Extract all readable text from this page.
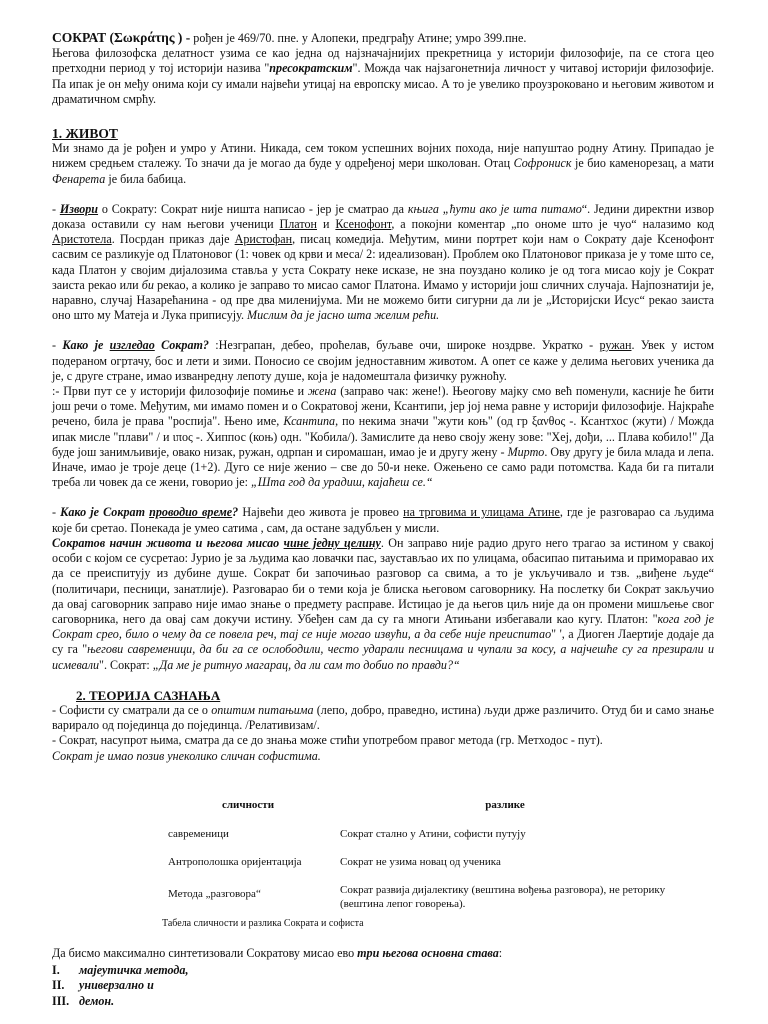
СОКРАТ (Σωκράτης ) - рођен је 469/70. пне. у Алопеки, предграђу Атине; умро 399.пне.
Његова филозофска делатност узима се као једна од најзначајнијих прекретница у историји филозофије, па се стога цео претходни период у тој историји назива "пресократским". Можда чак најзагонетнија личност у читавој историји филозофије. Па ипак је он међу онима који су имали највећи утицај на европску мисао. А то је увелико проузроковано и његовим животом и драматичном смрћу.

1. ЖИВОТ

Ми знамо да је рођен и умро у Атини. Никада, сем током успешних војних похода, није напуштао родну Атину. Припадао је нижем средњем сталежу. То значи да је могао да буде у одређеној мери школован. Отац Софрониск је био каменорезац, а мати Фенарета је била бабица.

- Извори о Сократу: Сократ није ништа написао - јер је сматрао да књига „ћути ако је шта питамо“. Једини директни извор доказа оставили су нам његови ученици Платон и Ксенофонт, а покојни коментар „по ономе што је чуо“ налазимо код Аристотела. Посрдан приказ даје Аристофан, писац комедија. Међутим, мини портрет који нам о Сократу даје Ксенофонт сасвим се разликује од Платоновог (1: човек од крви и меса/ 2: идеализован). Проблем око Платоновог приказа је у томе што се, када Платон у својим дијалозима ставља у уста Сократу неке исказе, не зна поуздано колико је од тога мисао коју је Сократ заиста рекао или би рекао, а колико је заправо то мисао самог Платона. Имамо у историји још сличних случаја. Најпознатији је, наравно, случај Назарећанина - од пре два миленијума. Ми не можемо бити сигурни да ли је „Историјски Исус“ рекао заиста оно што му Матеја и Лука приписују. Мислим да је јасно шта желим рећи.

- Како је изгледао Сократ? :Незграпан, дебео, проћелав, буљаве очи, широке ноздрве. Укратко - ружан. Увек у истом подераном огртачу, бос и лети и зими. Поносио се својим једноставним животом. А опет се каже у делима његових ученика да је, с друге стране, имао изванредну лепоту душе, која је надомештала физичку ружноћу.

:- Први пут се у историји филозофије помиње и жена (заправо чак: жене!). Њеогову мајку смо већ поменули, касније ће бити још речи о томе. Међутим, ми имамо помен и о Сократовој жени, Ксантипи, јер јој нема равне у историји филозофије. Најкраће речено, била је права "роспија". Њено име, Ксантипа, по некима значи "жути коњ" (од гр ξανθος -. Ксантхос (жути) / Можда ипак мисле "плави" / и ιπος -. Хиппос (коњ) одн. "Кобила/). Замислите да нево своју жену зове: "Хеј, дођи, ... Плава кобило!" Да буде још занимљивије, овако низак, ружан, одрпан и сиромашан, имао је и другу жену - Мирто. Ову другу је била млада и лепа. Иначе, имао је троје деце (1+2). Дуго се није женио – све до 50-и неке. Ожењено се само ради потомства. Када би га питали треба ли човек да се жени, говорио је: „Шта год да урадиш, кајаћеш се.“

- Како је Сократ проводио време? Највећи део живота је провео на трговима и улицама Атине, где је разговарао са људима које би сретао. Понекада је умео сатима , сам, да остане задубљен у мисли.

Сократов начин живота и његова мисао чине једну целину. Он заправо није радио друго него трагао за истином у свакој особи с којом се сусретао: Јурио је за људима као ловачки пас, заустављао их по улицама, обасипао питањима и приморавао их да се преиспитују из дубине душе. Сократ би започињао разговор са свима, а то је укључивало и тзв. „виђене људе“ (политичари, песници, занатлије). Разговарао би о теми која је блиска његовом саговорнику. На послетку би Сократ закључио да овај саговорник заправо није имао знање о предмету расправе. Истицао је да његов циљ није да он промени мишљење свог саговорника, него да овај сам докучи истину. Убеђен сам да су га многи Атињани избегавали као кугу. Платон: "кога год је Сократ срео, било о чему да се повела реч, тај се није могао извући, а да себе није преиспитао" ', а Диоген Лаертије додаје да су га "његови савременици, да би га се ослободили, често ударали песницама и чупали за косу, а најчешће су га презирали и исмевали". Сократ: „Да ме је ритнуо магарац, да ли сам то добио по правди?“

2. ТЕОРИЈА САЗНАЊА

- Софисти су сматрали да се о општим питањима (лепо, добро, праведно, истина) људи држе различито. Отуд би и само знање варирало од појединца до појединца. /Релативизам/.

- Сократ, насупрот њима, сматра да се до знања може стићи употребом правог метода (гр. Метходос - пут).

Сократ је имао позив унеколико сличан софистима.

сличности	разлике
савременици	Сократ стално у Атини, софисти путују
Антрополошка оријентација	Сократ не узима новац од ученика
Метода „разговора“	Сократ развија дијалектику (вештина вођења разговора), не реторику (вештина лепог говорења).
Табела сличности и разлика Сократа и софиста

Да бисмо максимално синтетизовали Сократову мисао ево три његова основна става:

I. мајеутичка метода,
II. универзално и
III. демон.
